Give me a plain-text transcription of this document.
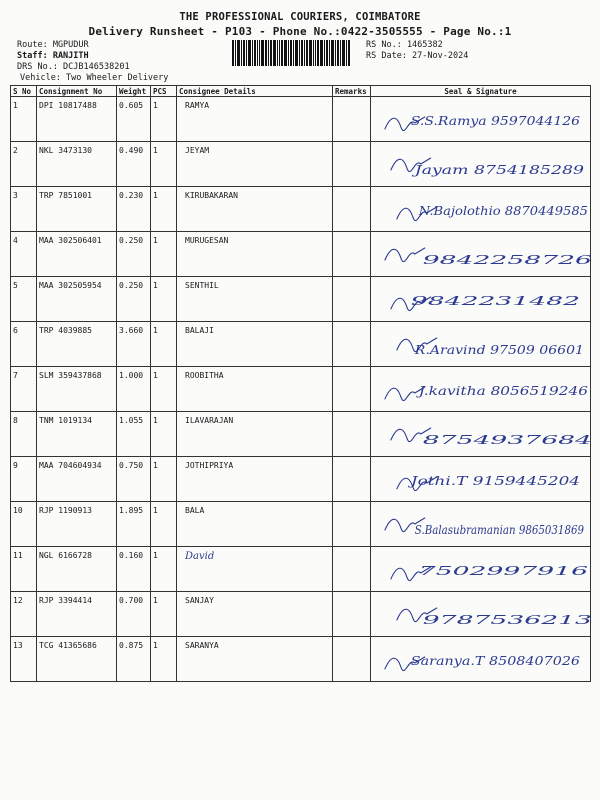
THE PROFESSIONAL COURIERS, COIMBATORE
Delivery Runsheet - P103 - Phone No.:0422-3505555 - Page No.:1
Route: MGPUDUR
Staff: RANJITH
DRS No.: DCJB146538201
Vehicle: Two Wheeler Delivery
RS No.: 1465382
RS Date: 27-Nov-2024
S No	Consignment No	Weight	PCS	Consignee Details	Remarks	Seal & Signature
1	DPI 10817488	0.605	1	RAMYA		S.S.Ramya 9597044126

2	NKL 3473130	0.490	1	JEYAM		Jayam 8754185289

3	TRP 7851001	0.230	1	KIRUBAKARAN		N.Bajolothio 8870449585

4	MAA 302506401	0.250	1	MURUGESAN		9842258726

5	MAA 302505954	0.250	1	SENTHIL		9842231482

6	TRP 4039885	3.660	1	BALAJI		R.Aravind 97509 06601

7	SLM 359437868	1.000	1	ROOBITHA		J.kavitha 8056519246

8	TNM 1019134	1.055	1	ILAVARAJAN		8754937684

9	MAA 704604934	0.750	1	JOTHIPRIYA		Jothi.T 9159445204

10	RJP 1190913	1.895	1	BALA		S.Balasubramanian 9865031869

11	NGL 6166728	0.160	1	David		7502997916

12	RJP 3394414	0.700	1	SANJAY		9787536213

13	TCG 41365686	0.875	1	SARANYA		Saranya.T 8508407026
